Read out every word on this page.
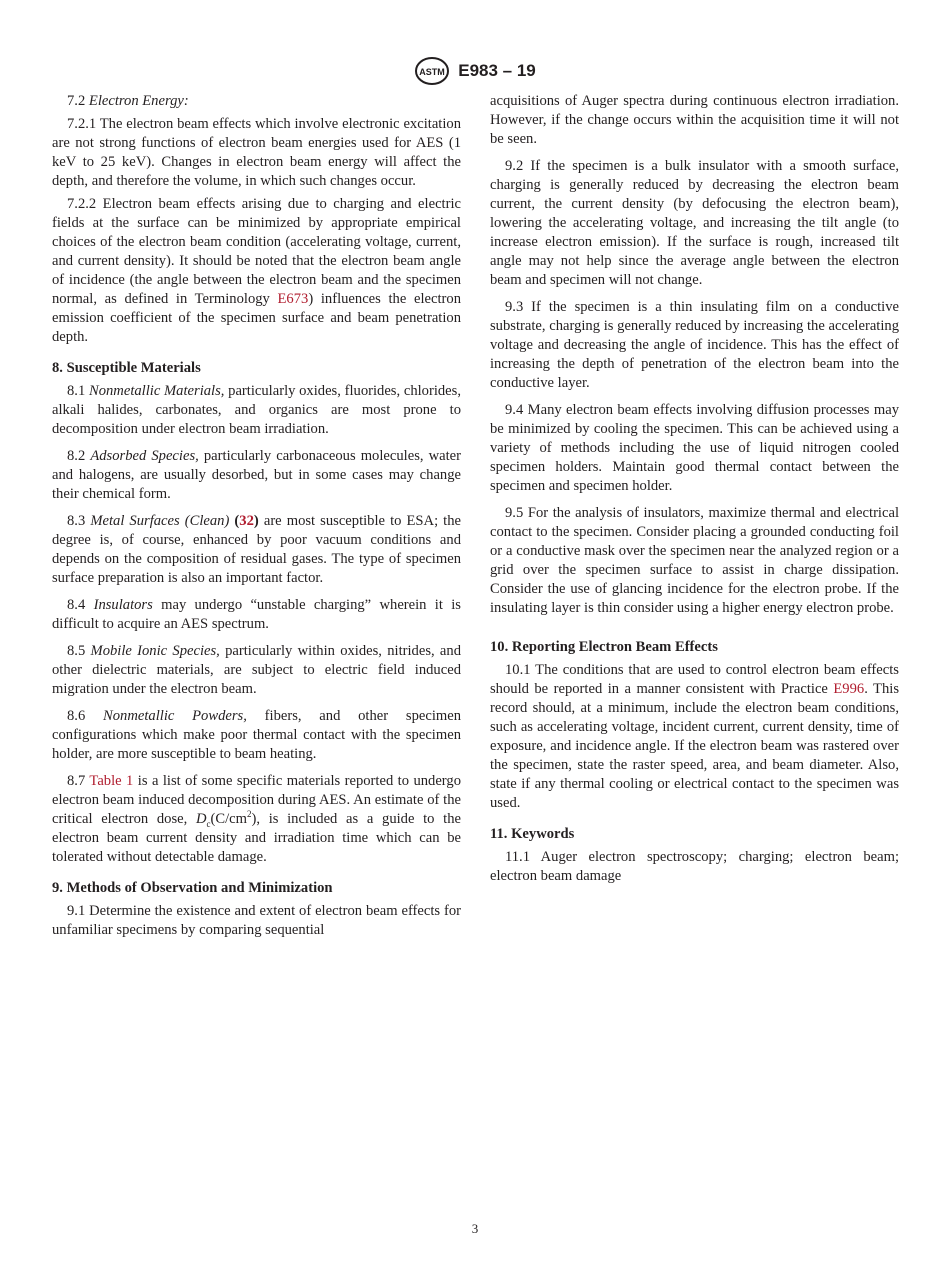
ASTM E983 – 19

7.2 Electron Energy:

7.2.1 The electron beam effects which involve electronic excitation are not strong functions of electron beam energies used for AES (1 keV to 25 keV). Changes in electron beam energy will affect the depth, and therefore the volume, in which such changes occur.

7.2.2 Electron beam effects arising due to charging and electric fields at the surface can be minimized by appropriate empirical choices of the electron beam condition (accelerating voltage, current, and current density). It should be noted that the electron beam angle of incidence (the angle between the electron beam and the specimen normal, as defined in Terminology E673) influences the electron emission coefficient of the specimen surface and beam penetration depth.

8. Susceptible Materials

8.1 Nonmetallic Materials, particularly oxides, fluorides, chlorides, alkali halides, carbonates, and organics are most prone to decomposition under electron beam irradiation.

8.2 Adsorbed Species, particularly carbonaceous molecules, water and halogens, are usually desorbed, but in some cases may change their chemical form.

8.3 Metal Surfaces (Clean) (32) are most susceptible to ESA; the degree is, of course, enhanced by poor vacuum conditions and depends on the composition of residual gases. The type of specimen surface preparation is also an important factor.

8.4 Insulators may undergo “unstable charging” wherein it is difficult to acquire an AES spectrum.

8.5 Mobile Ionic Species, particularly within oxides, nitrides, and other dielectric materials, are subject to electric field induced migration under the electron beam.

8.6 Nonmetallic Powders, fibers, and other specimen configurations which make poor thermal contact with the specimen holder, are more susceptible to beam heating.

8.7 Table 1 is a list of some specific materials reported to undergo electron beam induced decomposition during AES. An estimate of the critical electron dose, $D_c(C/cm^2)$, is included as a guide to the electron beam current density and irradiation time which can be tolerated without detectable damage.

9. Methods of Observation and Minimization

9.1 Determine the existence and extent of electron beam effects for unfamiliar specimens by comparing sequential

acquisitions of Auger spectra during continuous electron irradiation. However, if the change occurs within the acquisition time it will not be seen.

9.2 If the specimen is a bulk insulator with a smooth surface, charging is generally reduced by decreasing the electron beam current, the current density (by defocusing the electron beam), lowering the accelerating voltage, and increasing the tilt angle (to increase electron emission). If the surface is rough, increased tilt angle may not help since the average angle between the electron beam and specimen will not change.

9.3 If the specimen is a thin insulating film on a conductive substrate, charging is generally reduced by increasing the accelerating voltage and decreasing the angle of incidence. This has the effect of increasing the depth of penetration of the electron beam into the conductive layer.

9.4 Many electron beam effects involving diffusion processes may be minimized by cooling the specimen. This can be achieved using a variety of methods including the use of liquid nitrogen cooled specimen holders. Maintain good thermal contact between the specimen and specimen holder.

9.5 For the analysis of insulators, maximize thermal and electrical contact to the specimen. Consider placing a grounded conducting foil or a conductive mask over the specimen near the analyzed region or a grid over the specimen surface to assist in charge dissipation. Consider the use of glancing incidence for the electron probe. If the insulating layer is thin consider using a higher energy electron probe.

10. Reporting Electron Beam Effects

10.1 The conditions that are used to control electron beam effects should be reported in a manner consistent with Practice E996. This record should, at a minimum, include the electron beam conditions, such as accelerating voltage, incident current, current density, time of exposure, and incidence angle. If the electron beam was rastered over the specimen, state the raster speed, area, and beam diameter. Also, state if any thermal cooling or electrical contact to the specimen was used.

11. Keywords

11.1 Auger electron spectroscopy; charging; electron beam; electron beam damage

3
